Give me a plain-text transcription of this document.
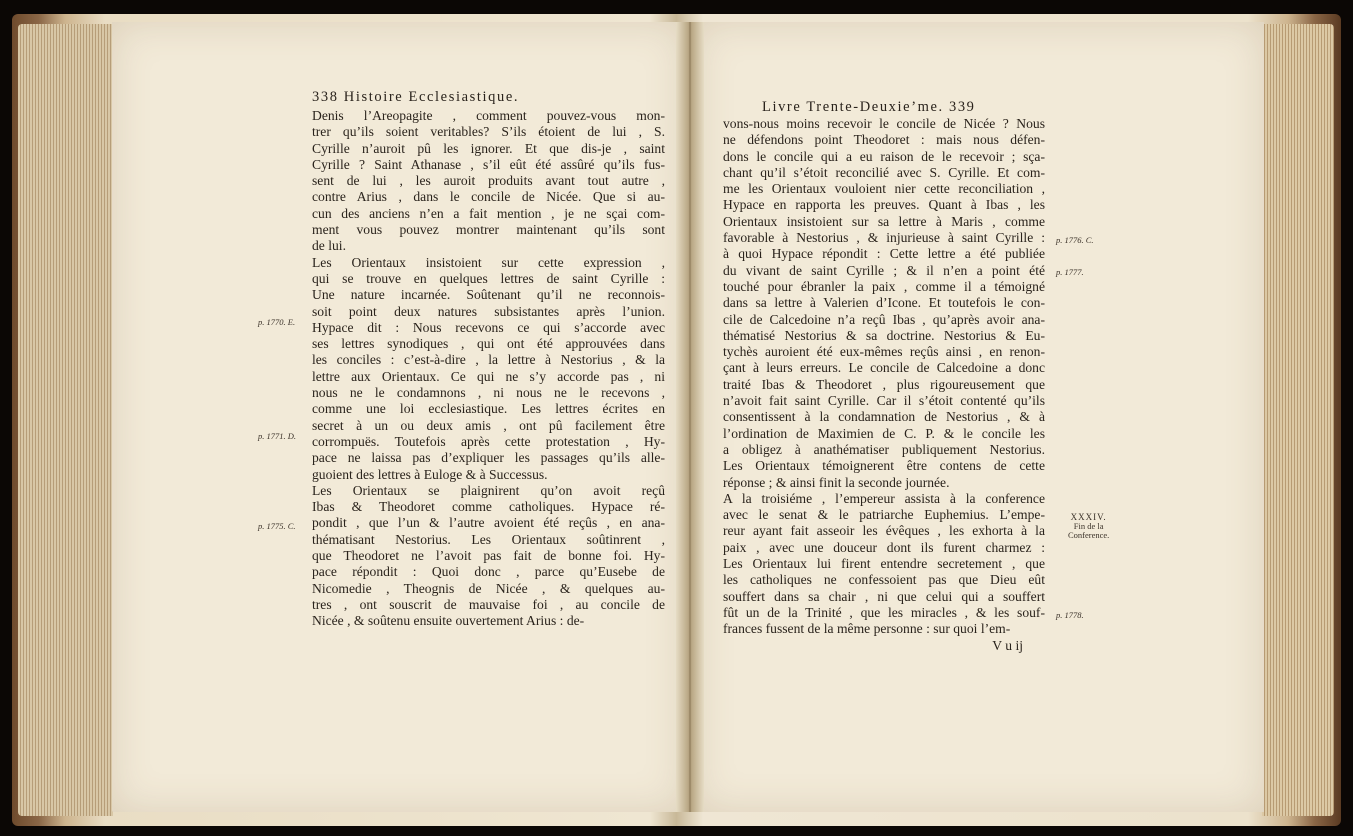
338 Histoire Ecclesiastique.
Denis l’Areopagite , comment pouvez-vous mon-
trer qu’ils soient veritables? S’ils étoient de lui , S.
Cyrille n’auroit pû les ignorer. Et que dis-je , saint
Cyrille ? Saint Athanase , s’il eût été assûré qu’ils fus-
sent de lui , les auroit produits avant tout autre ,
contre Arius , dans le concile de Nicée. Que si au-
cun des anciens n’en a fait mention , je ne sçai com-
ment vous pouvez montrer maintenant qu’ils sont
de lui.
Les Orientaux insistoient sur cette expression ,
qui se trouve en quelques lettres de saint Cyrille :
Une nature incarnée. Soûtenant qu’il ne reconnois-
soit point deux natures subsistantes après l’union.
Hypace dit : Nous recevons ce qui s’accorde avec
ses lettres synodiques , qui ont été approuvées dans
les conciles : c’est-à-dire , la lettre à Nestorius , & la
lettre aux Orientaux. Ce qui ne s’y accorde pas , ni
nous ne le condamnons , ni nous ne le recevons ,
comme une loi ecclesiastique. Les lettres écrites en
secret à un ou deux amis , ont pû facilement être
corrompuës. Toutefois après cette protestation , Hy-
pace ne laissa pas d’expliquer les passages qu’ils alle-
guoient des lettres à Euloge & à Successus.
Les Orientaux se plaignirent qu’on avoit reçû
Ibas & Theodoret comme catholiques. Hypace ré-
pondit , que l’un & l’autre avoient été reçûs , en ana-
thématisant Nestorius. Les Orientaux soûtinrent ,
que Theodoret ne l’avoit pas fait de bonne foi. Hy-
pace répondit : Quoi donc , parce qu’Eusebe de
Nicomedie , Theognis de Nicée , & quelques au-
tres , ont souscrit de mauvaise foi , au concile de
Nicée , & soûtenu ensuite ouvertement Arius : de-
p. 1770. E.
p. 1771. D.
p. 1775. C.
Livre Trente-Deuxie’me. 339
vons-nous moins recevoir le concile de Nicée ? Nous
ne défendons point Theodoret : mais nous défen-
dons le concile qui a eu raison de le recevoir ; sça-
chant qu’il s’étoit reconcilié avec S. Cyrille. Et com-
me les Orientaux vouloient nier cette reconciliation ,
Hypace en rapporta les preuves. Quant à Ibas , les
Orientaux insistoient sur sa lettre à Maris , comme
favorable à Nestorius , & injurieuse à saint Cyrille :
à quoi Hypace répondit : Cette lettre a été publiée
du vivant de saint Cyrille ; & il n’en a point été
touché pour ébranler la paix , comme il a témoigné
dans sa lettre à Valerien d’Icone. Et toutefois le con-
cile de Calcedoine n’a reçû Ibas , qu’après avoir ana-
thématisé Nestorius & sa doctrine. Nestorius & Eu-
tychès auroient été eux-mêmes reçûs ainsi , en renon-
çant à leurs erreurs. Le concile de Calcedoine a donc
traité Ibas & Theodoret , plus rigoureusement que
n’avoit fait saint Cyrille. Car il s’étoit contenté qu’ils
consentissent à la condamnation de Nestorius , & à
l’ordination de Maximien de C. P. & le concile les
a obligez à anathématiser publiquement Nestorius.
Les Orientaux témoignerent être contens de cette
réponse ; & ainsi finit la seconde journée.
A la troisiéme , l’empereur assista à la conference
avec le senat & le patriarche Euphemius. L’empe-
reur ayant fait asseoir les évêques , les exhorta à la
paix , avec une douceur dont ils furent charmez :
Les Orientaux lui firent entendre secretement , que
les catholiques ne confessoient pas que Dieu eût
souffert dans sa chair , ni que celui qui a souffert
fût un de la Trinité , que les miracles , & les souf-
frances fussent de la même personne : sur quoi l’em-
V u ij
p. 1776. C.
p. 1777.
p. 1778.
XXXIV.
Fin de la
Conference.
